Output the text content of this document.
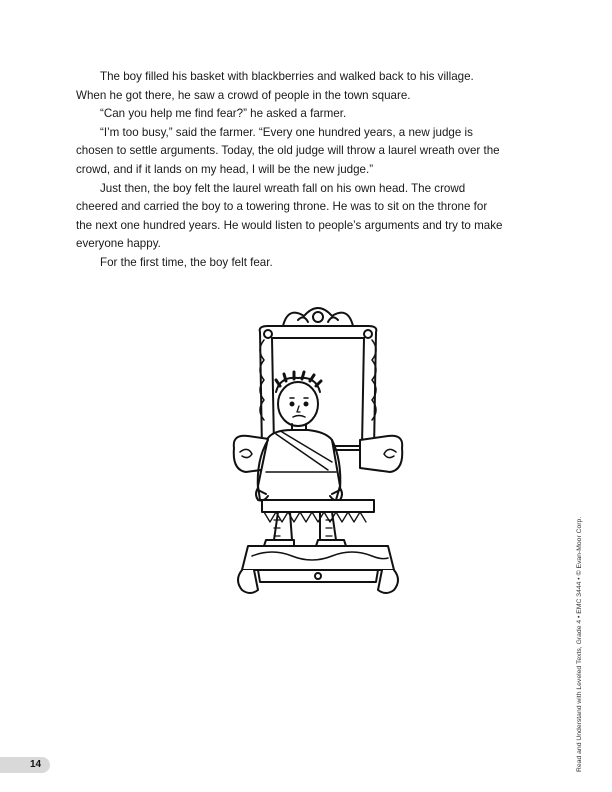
The boy filled his basket with blackberries and walked back to his village. When he got there, he saw a crowd of people in the town square.

“Can you help me find fear?” he asked a farmer.

“I’m too busy,” said the farmer. “Every one hundred years, a new judge is chosen to settle arguments. Today, the old judge will throw a laurel wreath over the crowd, and if it lands on my head, I will be the new judge.”

Just then, the boy felt the laurel wreath fall on his own head. The crowd cheered and carried the boy to a towering throne. He was to sit on the throne for the next one hundred years. He would listen to people’s arguments and try to make everyone happy.

For the first time, the boy felt fear.

Read and Understand with Leveled Texts, Grade 4 • EMC 3444 • © Evan-Moor Corp.
14
